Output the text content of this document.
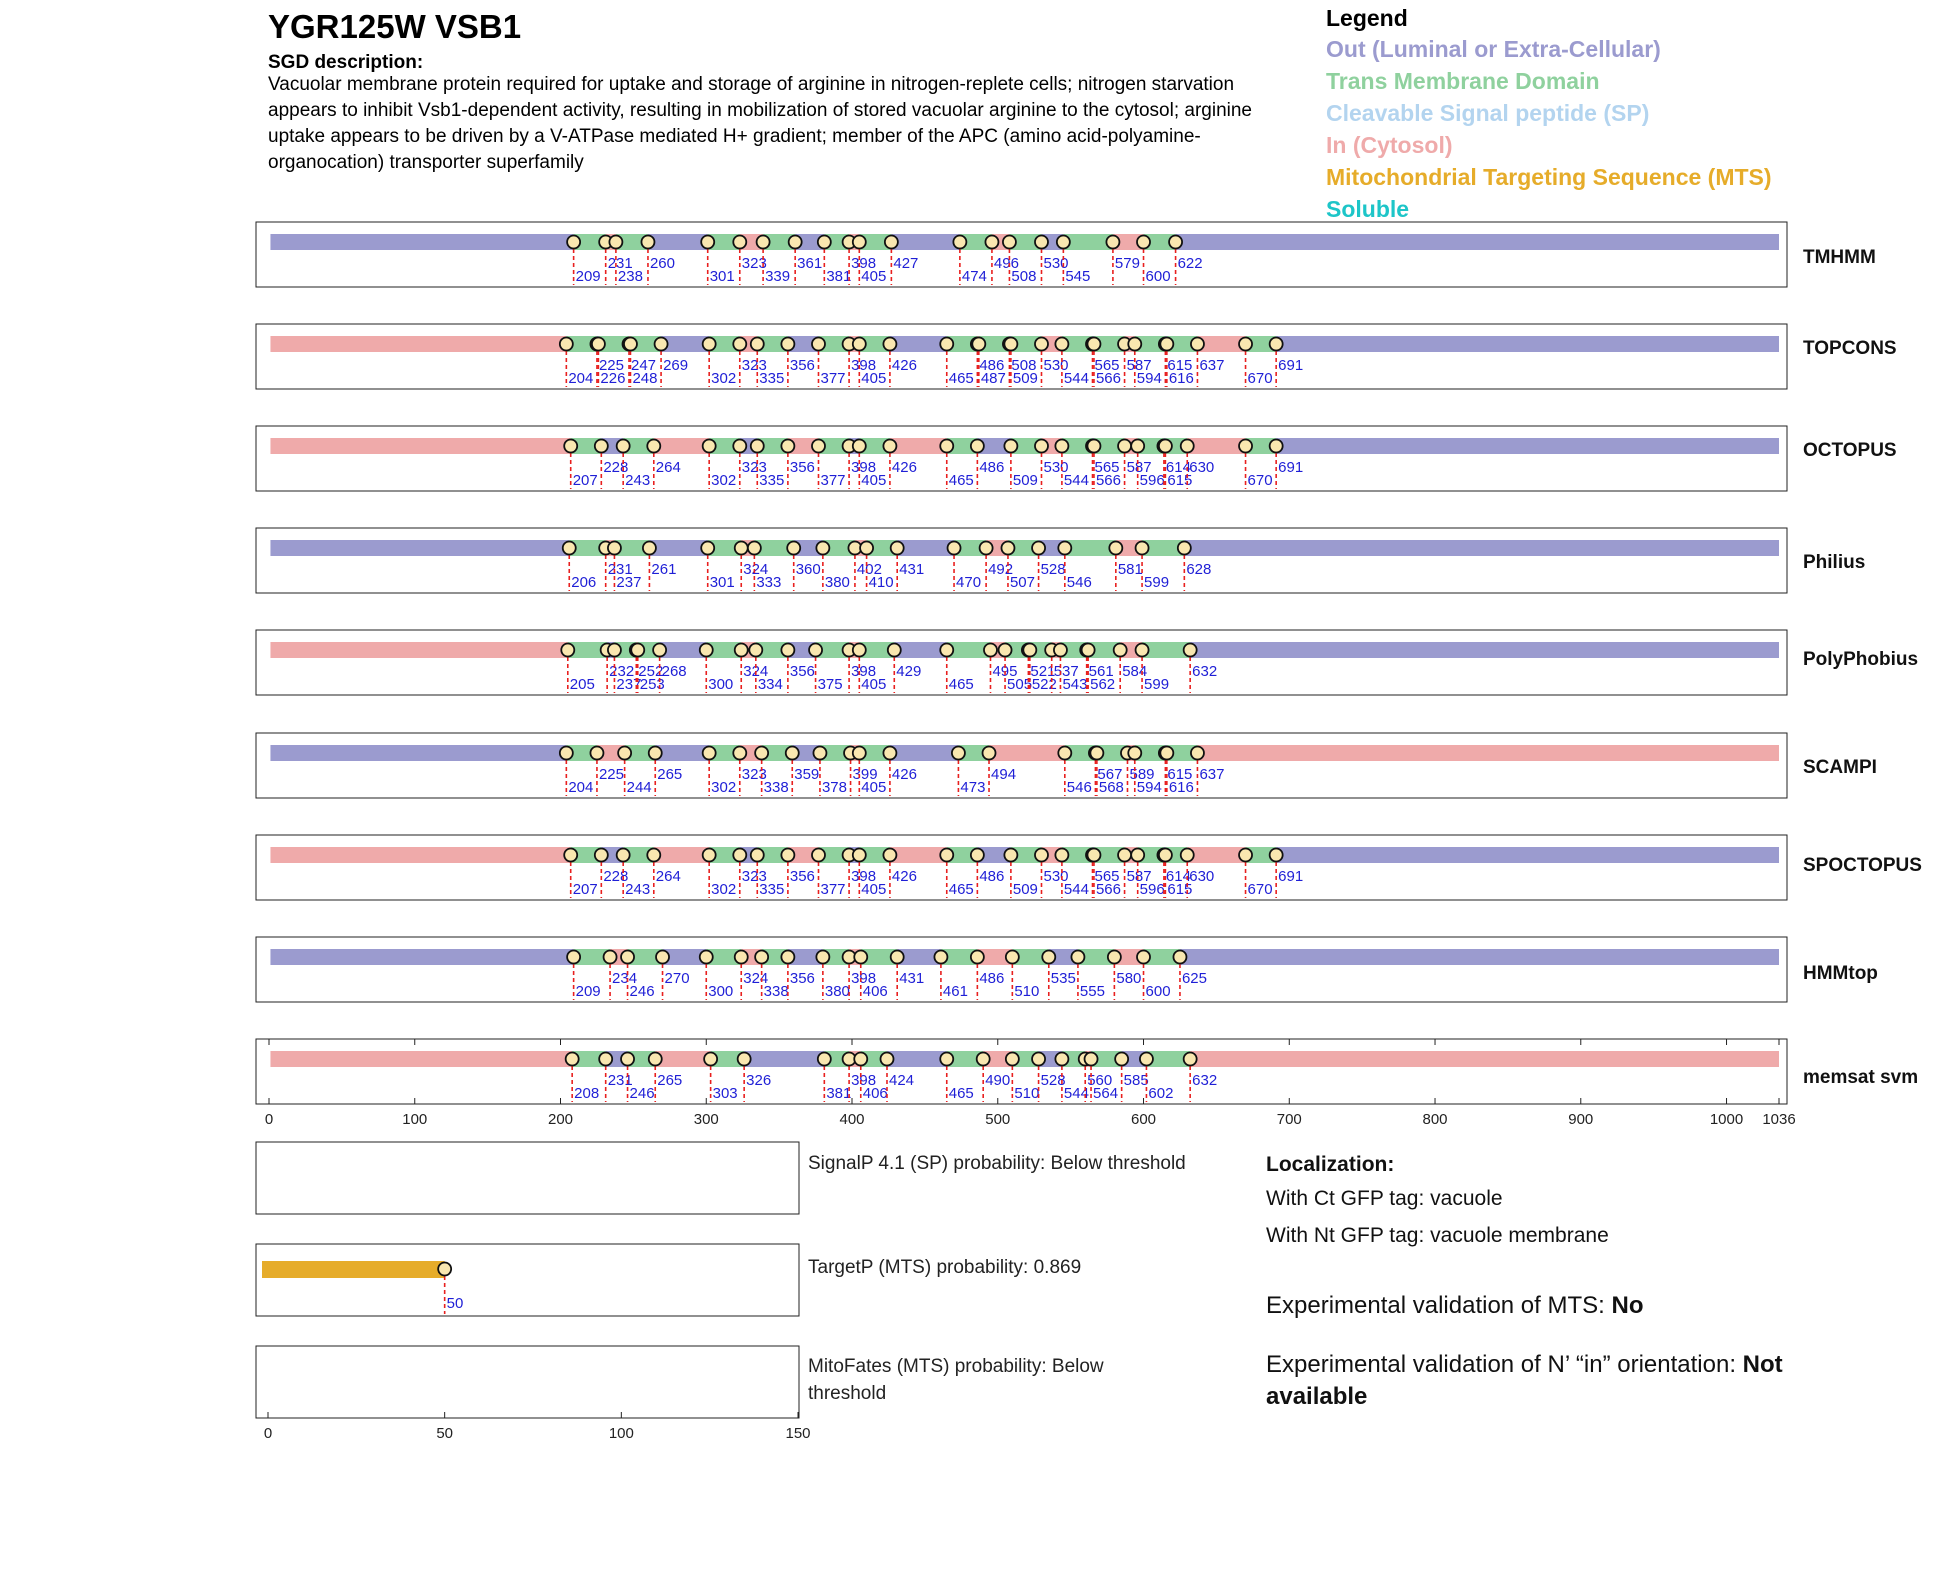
YGR125W VSB1
SGD description:
Vacuolar membrane protein required for uptake and storage of arginine in nitrogen-replete cells; nitrogen starvation appears to inhibit Vsb1-dependent activity, resulting in mobilization of stored vacuolar arginine to the cytosol; arginine uptake appears to be driven by a V-ATPase mediated H+ gradient; member of the APC (amino acid-polyamine-organocation) transporter superfamily
Legend
Out (Luminal or Extra-Cellular)
Trans Membrane Domain
Cleavable Signal peptide (SP)
In (Cytosol)
Mitochondrial Targeting Sequence (MTS)
Soluble
SignalP 4.1 (SP) probability: Below threshold
TargetP (MTS) probability: 0.869
MitoFates (MTS) probability: Below
threshold
Localization:
With Ct GFP tag: vacuole
With Nt GFP tag: vacuole membrane
Experimental validation of MTS: No
Experimental validation of N’ “in” orientation: Not
available
209
231
238
260
301
323
339
361
381
398
405
427
474
496
508
530
545
579
600
622	TMHMM
204
225
226
247
248
269
302
323
335
356
377
398
405
426
465
486
487
508
509
530
544
565
566
587
594
615
616
637
670
691
TOPCONS
207
228
243
264
302
323
335
356
377
398
405
426
465
486
509
530
544
565
566
587
596
614
615
630
670
691
OCTOPUS
206
231
237
261
301
324
333
360
380
402
410
431
470
492
507
528
546
581
599
628	Philius
205
232
237
252
253
268
300
324
334
356
375
398
405
429
465
495
505
521
522
537
543
561
562
584
599
632
PolyPhobius
204
225
244
265
302
323
338
359
378
399
405
426
473
494
546
567
568
589
594
615
616
637	SCAMPI
207
228
243
264
302
323
335
356
377
398
405
426
465
486
509
530
544
565
566
587
596
614
615
630
670
691
SPOCTOPUS
209
234
246
270
300
324
338
356
380
398
406
431
461
486
510
535
555
580
600
625	HMMtop
208
231
246
265
303
326
381
398
406
424
465
490
510
528
544
560
564
585
602
632	memsat svm
0	100	200	300	400	500	600	700	800	900	1000 1036
50
0	50	100	150
